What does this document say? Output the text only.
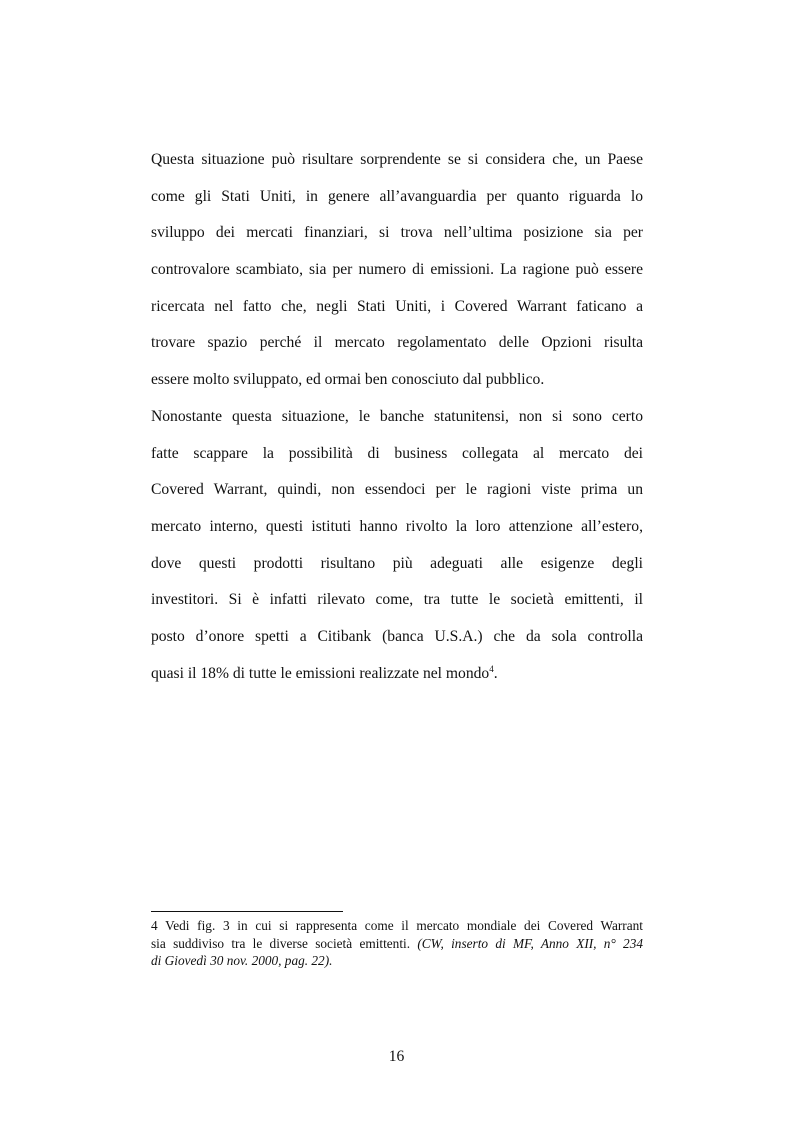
Questa situazione può risultare sorprendente se si considera che, un Paese
come gli Stati Uniti, in genere all’avanguardia per quanto riguarda lo
sviluppo dei mercati finanziari, si trova nell’ultima posizione sia per
controvalore scambiato, sia per numero di emissioni. La ragione può essere
ricercata nel fatto che, negli Stati Uniti, i Covered Warrant faticano a
trovare spazio perché il mercato regolamentato delle Opzioni risulta
essere molto sviluppato, ed ormai ben conosciuto dal pubblico.
Nonostante questa situazione, le banche statunitensi, non si sono certo
fatte scappare la possibilità di business collegata al mercato dei
Covered Warrant, quindi, non essendoci per le ragioni viste prima un
mercato interno, questi istituti hanno rivolto la loro attenzione all’estero,
dove questi prodotti risultano più adeguati alle esigenze degli
investitori. Si è infatti rilevato come, tra tutte le società emittenti, il
posto d’onore spetti a Citibank (banca U.S.A.) che da sola controlla
quasi il 18% di tutte le emissioni realizzate nel mondo$^4$.
4 Vedi fig. 3 in cui si rappresenta come il mercato mondiale dei Covered Warrant
sia suddiviso tra le diverse società emittenti. (CW, inserto di MF, Anno XII, n° 234
di Giovedì 30 nov. 2000, pag. 22).
16
